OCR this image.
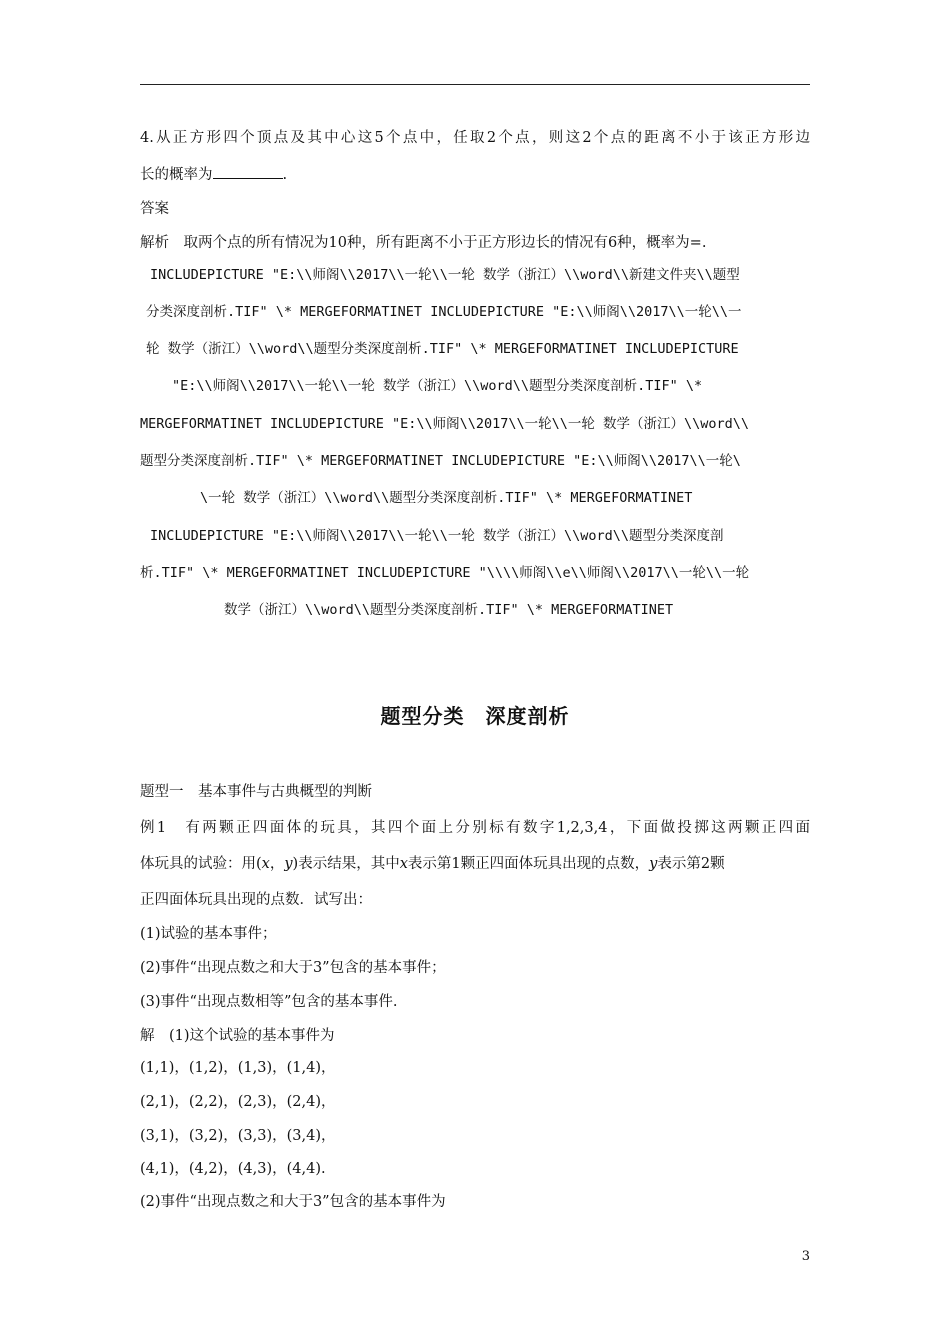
4.从正方形四个顶点及其中心这5个点中，任取2个点，则这2个点的距离不小于该正方形边
长的概率为	.
答案
解析　取两个点的所有情况为10种，所有距离不小于正方形边长的情况有6种，概率为=.
INCLUDEPICTURE "E:\\师阁\\2017\\一轮\\一轮 数学（浙江）\\word\\新建文件夹\\题型
分类深度剖析.TIF" \* MERGEFORMATINET INCLUDEPICTURE "E:\\师阁\\2017\\一轮\\一
轮 数学（浙江）\\word\\题型分类深度剖析.TIF" \* MERGEFORMATINET INCLUDEPICTURE
"E:\\师阁\\2017\\一轮\\一轮 数学（浙江）\\word\\题型分类深度剖析.TIF" \*
MERGEFORMATINET INCLUDEPICTURE "E:\\师阁\\2017\\一轮\\一轮 数学（浙江）\\word\\
题型分类深度剖析.TIF" \* MERGEFORMATINET INCLUDEPICTURE "E:\\师阁\\2017\\一轮\
\一轮 数学（浙江）\\word\\题型分类深度剖析.TIF" \* MERGEFORMATINET
INCLUDEPICTURE "E:\\师阁\\2017\\一轮\\一轮 数学（浙江）\\word\\题型分类深度剖
析.TIF" \* MERGEFORMATINET INCLUDEPICTURE "\\\\师阁\\e\\师阁\\2017\\一轮\\一轮
数学（浙江）\\word\\题型分类深度剖析.TIF" \* MERGEFORMATINET
题型分类　深度剖析
题型一　基本事件与古典概型的判断
例1　有两颗正四面体的玩具，其四个面上分别标有数字1,2,3,4，下面做投掷这两颗正四面
体玩具的试验：用(x，y)表示结果，其中x表示第1颗正四面体玩具出现的点数，y表示第2颗
正四面体玩具出现的点数．试写出：
(1)试验的基本事件；
(2)事件“出现点数之和大于3”包含的基本事件；
(3)事件“出现点数相等”包含的基本事件.
解　(1)这个试验的基本事件为
(1,1)，(1,2)，(1,3)，(1,4)，
(2,1)，(2,2)，(2,3)，(2,4)，
(3,1)，(3,2)，(3,3)，(3,4)，
(4,1)，(4,2)，(4,3)，(4,4).
(2)事件“出现点数之和大于3”包含的基本事件为
3
